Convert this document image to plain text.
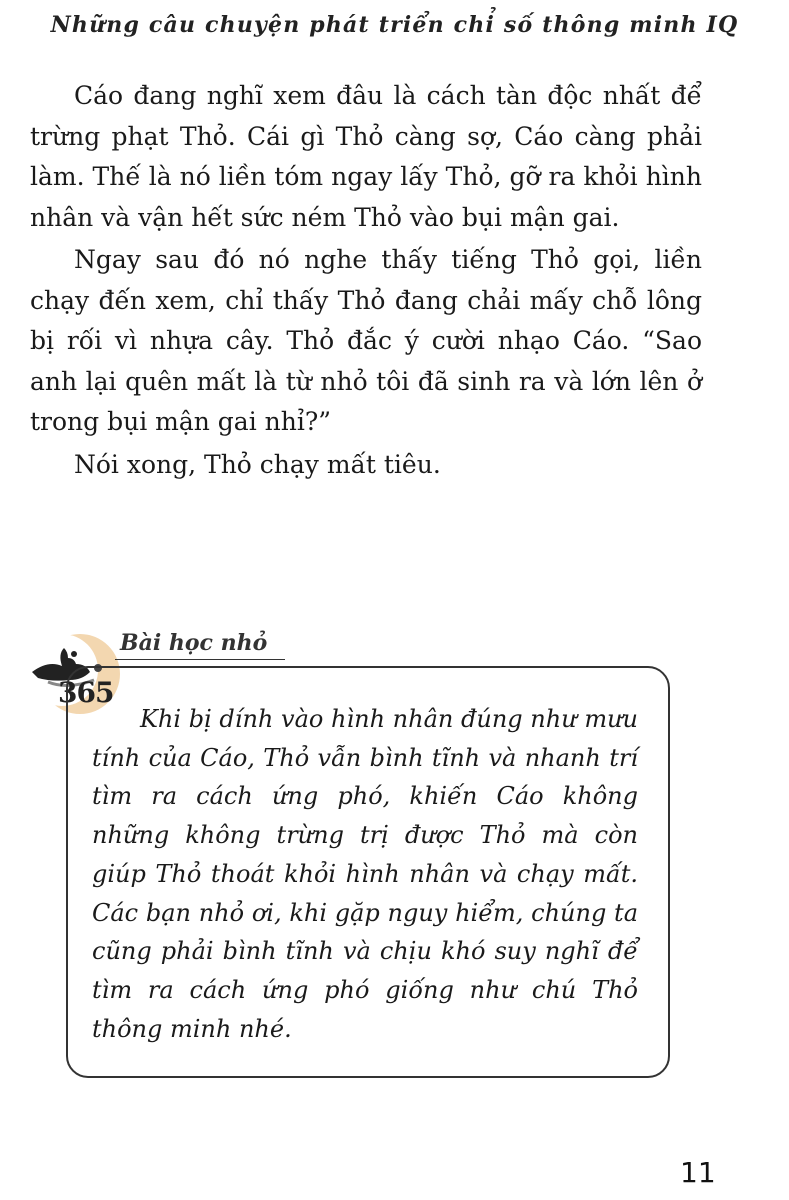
Những câu chuyện phát triển chỉ số thông minh IQ

Cáo đang nghĩ xem đâu là cách tàn độc nhất để trừng phạt Thỏ. Cái gì Thỏ càng sợ, Cáo càng phải làm. Thế là nó liền tóm ngay lấy Thỏ, gỡ ra khỏi hình nhân và vận hết sức ném Thỏ vào bụi mận gai.

Ngay sau đó nó nghe thấy tiếng Thỏ gọi, liền chạy đến xem, chỉ thấy Thỏ đang chải mấy chỗ lông bị rối vì nhựa cây. Thỏ đắc ý cười nhạo Cáo. “Sao anh lại quên mất là từ nhỏ tôi đã sinh ra và lớn lên ở trong bụi mận gai nhỉ?”

Nói xong, Thỏ chạy mất tiêu.

365
Bài học nhỏ

Khi bị dính vào hình nhân đúng như mưu tính của Cáo, Thỏ vẫn bình tĩnh và nhanh trí tìm ra cách ứng phó, khiến Cáo không những không trừng trị được Thỏ mà còn giúp Thỏ thoát khỏi hình nhân và chạy mất. Các bạn nhỏ ơi, khi gặp nguy hiểm, chúng ta cũng phải bình tĩnh và chịu khó suy nghĩ để tìm ra cách ứng phó giống như chú Thỏ thông minh nhé.

11
